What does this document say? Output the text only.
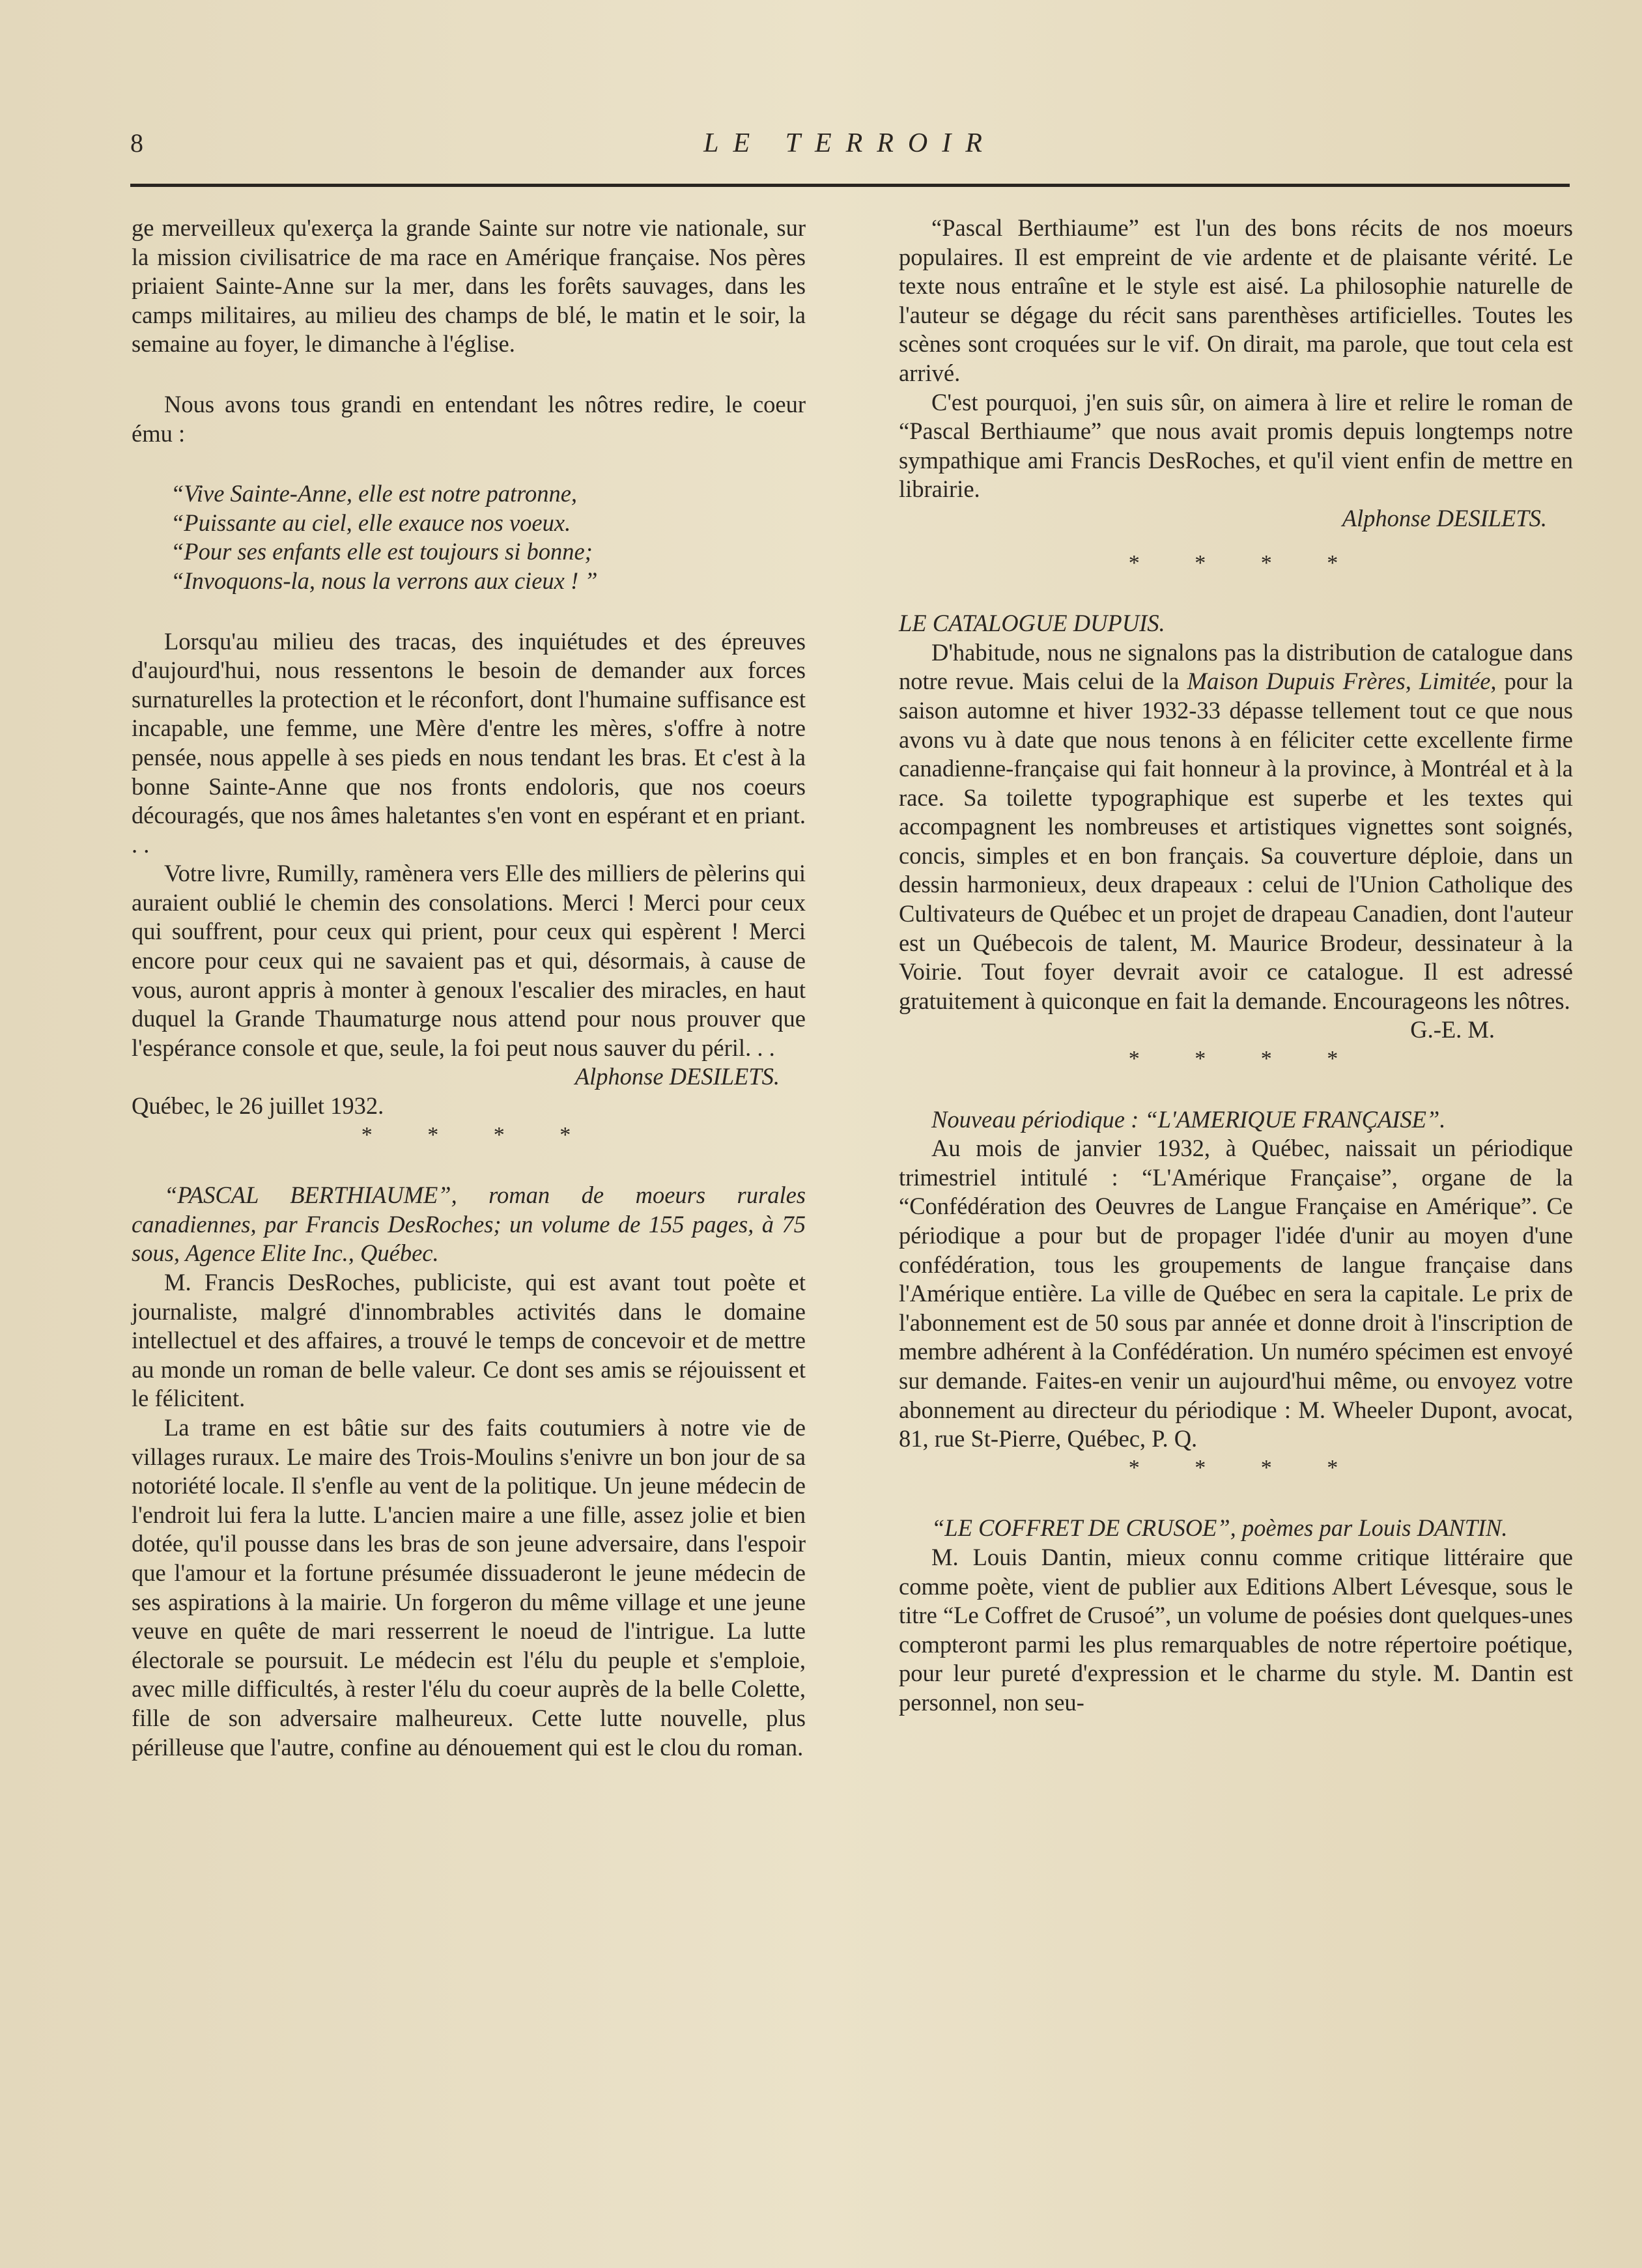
8	LE TERROIR

ge merveilleux qu'exerça la grande Sainte sur notre vie nationale, sur la mission civilisatrice de ma race en Amérique française. Nos pères priaient Sainte-Anne sur la mer, dans les forêts sauvages, dans les camps militaires, au milieu des champs de blé, le matin et le soir, la semaine au foyer, le dimanche à l'église.

Nous avons tous grandi en entendant les nôtres redire, le coeur ému :

“Vive Sainte-Anne, elle est notre patronne,
“Puissante au ciel, elle exauce nos voeux.
“Pour ses enfants elle est toujours si bonne;
“Invoquons-la, nous la verrons aux cieux ! ”

Lorsqu'au milieu des tracas, des inquiétudes et des épreuves d'aujourd'hui, nous ressentons le besoin de demander aux forces surnaturelles la protection et le réconfort, dont l'humaine suffisance est incapable, une femme, une Mère d'entre les mères, s'offre à notre pensée, nous appelle à ses pieds en nous tendant les bras. Et c'est à la bonne Sainte-Anne que nos fronts endoloris, que nos coeurs découragés, que nos âmes haletantes s'en vont en espérant et en priant. . .

Votre livre, Rumilly, ramènera vers Elle des milliers de pèlerins qui auraient oublié le chemin des consolations. Merci ! Merci pour ceux qui souffrent, pour ceux qui prient, pour ceux qui espèrent ! Merci encore pour ceux qui ne savaient pas et qui, désormais, à cause de vous, auront appris à monter à genoux l'escalier des miracles, en haut duquel la Grande Thaumaturge nous attend pour nous prouver que l'espérance console et que, seule, la foi peut nous sauver du péril. . .

Alphonse DESILETS.

Québec, le 26 juillet 1932.

* * * *

“PASCAL BERTHIAUME”, roman de moeurs rurales canadiennes, par Francis DesRoches; un volume de 155 pages, à 75 sous, Agence Elite Inc., Québec.

M. Francis DesRoches, publiciste, qui est avant tout poète et journaliste, malgré d'innombrables activités dans le domaine intellectuel et des affaires, a trouvé le temps de concevoir et de mettre au monde un roman de belle valeur. Ce dont ses amis se réjouissent et le félicitent.

La trame en est bâtie sur des faits coutumiers à notre vie de villages ruraux. Le maire des Trois-Moulins s'enivre un bon jour de sa notoriété locale. Il s'enfle au vent de la politique. Un jeune médecin de l'endroit lui fera la lutte. L'ancien maire a une fille, assez jolie et bien dotée, qu'il pousse dans les bras de son jeune adversaire, dans l'espoir que l'amour et la fortune présumée dissuaderont le jeune médecin de ses aspirations à la mairie. Un forgeron du même village et une jeune veuve en quête de mari resserrent le noeud de l'intrigue. La lutte électorale se poursuit. Le médecin est l'élu du peuple et s'emploie, avec mille difficultés, à rester l'élu du coeur auprès de la belle Colette, fille de son adversaire malheureux. Cette lutte nouvelle, plus périlleuse que l'autre, confine au dénouement qui est le clou du roman.

“Pascal Berthiaume” est l'un des bons récits de nos moeurs populaires. Il est empreint de vie ardente et de plaisante vérité. Le texte nous entraîne et le style est aisé. La philosophie naturelle de l'auteur se dégage du récit sans parenthèses artificielles. Toutes les scènes sont croquées sur le vif. On dirait, ma parole, que tout cela est arrivé.

C'est pourquoi, j'en suis sûr, on aimera à lire et relire le roman de “Pascal Berthiaume” que nous avait promis depuis longtemps notre sympathique ami Francis DesRoches, et qu'il vient enfin de mettre en librairie.

Alphonse DESILETS.

* * * *

LE CATALOGUE DUPUIS.

D'habitude, nous ne signalons pas la distribution de catalogue dans notre revue. Mais celui de la Maison Dupuis Frères, Limitée, pour la saison automne et hiver 1932-33 dépasse tellement tout ce que nous avons vu à date que nous tenons à en féliciter cette excellente firme canadienne-française qui fait honneur à la province, à Montréal et à la race. Sa toilette typographique est superbe et les textes qui accompagnent les nombreuses et artistiques vignettes sont soignés, concis, simples et en bon français. Sa couverture déploie, dans un dessin harmonieux, deux drapeaux : celui de l'Union Catholique des Cultivateurs de Québec et un projet de drapeau Canadien, dont l'auteur est un Québecois de talent, M. Maurice Brodeur, dessinateur à la Voirie. Tout foyer devrait avoir ce catalogue. Il est adressé gratuitement à quiconque en fait la demande. Encourageons les nôtres.

G.-E. M.

* * * *

Nouveau périodique : “L'AMERIQUE FRANÇAISE”.

Au mois de janvier 1932, à Québec, naissait un périodique trimestriel intitulé : “L'Amérique Française”, organe de la “Confédération des Oeuvres de Langue Française en Amérique”. Ce périodique a pour but de propager l'idée d'unir au moyen d'une confédération, tous les groupements de langue française dans l'Amérique entière. La ville de Québec en sera la capitale. Le prix de l'abonnement est de 50 sous par année et donne droit à l'inscription de membre adhérent à la Confédération. Un numéro spécimen est envoyé sur demande. Faites-en venir un aujourd'hui même, ou envoyez votre abonnement au directeur du périodique : M. Wheeler Dupont, avocat, 81, rue St-Pierre, Québec, P. Q.

* * * *

“LE COFFRET DE CRUSOE”, poèmes par Louis DANTIN.

M. Louis Dantin, mieux connu comme critique littéraire que comme poète, vient de publier aux Editions Albert Lévesque, sous le titre “Le Coffret de Crusoé”, un volume de poésies dont quelques-unes compteront parmi les plus remarquables de notre répertoire poétique, pour leur pureté d'expression et le charme du style. M. Dantin est personnel, non seu-
